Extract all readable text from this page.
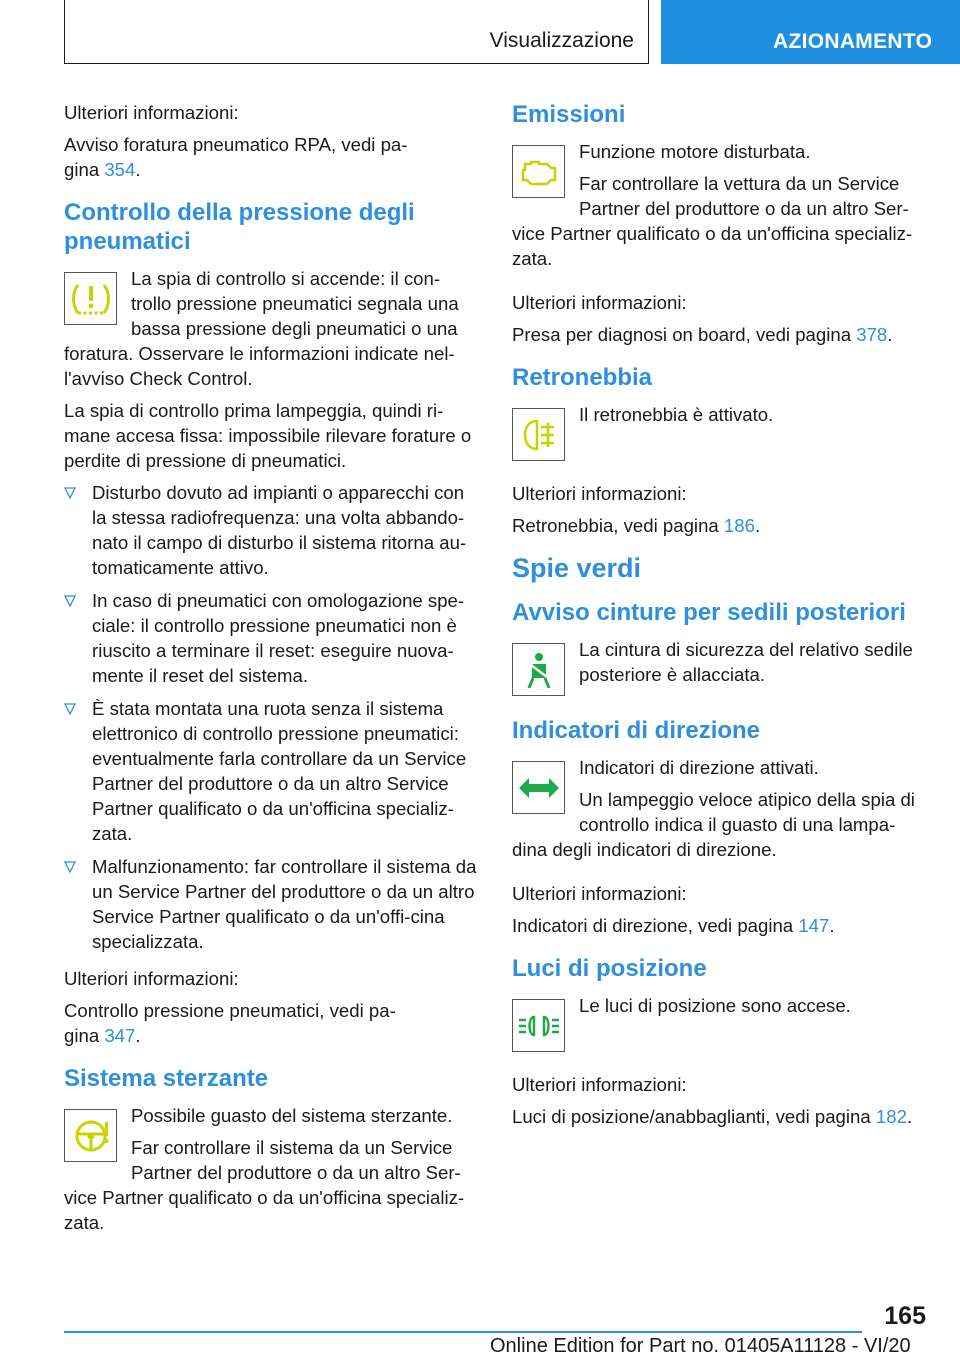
Visualizzazione	AZIONAMENTO

Ulteriori informazioni:

Avviso foratura pneumatico RPA, vedi pa-
gina 354.

Controllo della pressione degli pneumatici

La spia di controllo si accende: il con-trollo pressione pneumatici segnala una bassa pressione degli pneumatici o una foratura. Osservare le informazioni indicate nel-l'avviso Check Control.

La spia di controllo prima lampeggia, quindi ri-mane accesa fissa: impossibile rilevare forature o perdite di pressione di pneumatici.

Disturbo dovuto ad impianti o apparecchi con la stessa radiofrequenza: una volta abbando-nato il campo di disturbo il sistema ritorna au-tomaticamente attivo.
In caso di pneumatici con omologazione spe-ciale: il controllo pressione pneumatici non è riuscito a terminare il reset: eseguire nuova-mente il reset del sistema.
È stata montata una ruota senza il sistema elettronico di controllo pressione pneumatici: eventualmente farla controllare da un Service Partner del produttore o da un altro Service Partner qualificato o da un'officina specializ-zata.
Malfunzionamento: far controllare il sistema da un Service Partner del produttore o da un altro Service Partner qualificato o da un'offi-cina specializzata.

Ulteriori informazioni:

Controllo pressione pneumatici, vedi pa-
gina 347.

Sistema sterzante

Possibile guasto del sistema sterzante.

Far controllare il sistema da un Service Partner del produttore o da un altro Ser-vice Partner qualificato o da un'officina specializ-zata.

Emissioni

Funzione motore disturbata.

Far controllare la vettura da un Service Partner del produttore o da un altro Ser-vice Partner qualificato o da un'officina specializ-zata.

Ulteriori informazioni:

Presa per diagnosi on board, vedi pagina 378.

Retronebbia

Il retronebbia è attivato.

Ulteriori informazioni:

Retronebbia, vedi pagina 186.

Spie verdi
Avviso cinture per sedili posteriori

La cintura di sicurezza del relativo sedile posteriore è allacciata.

Indicatori di direzione

Indicatori di direzione attivati.

Un lampeggio veloce atipico della spia di controllo indica il guasto di una lampa-dina degli indicatori di direzione.

Ulteriori informazioni:

Indicatori di direzione, vedi pagina 147.

Luci di posizione

Le luci di posizione sono accese.

Ulteriori informazioni:

Luci di posizione/anabbaglianti, vedi pagina 182.

165
Online Edition for Part no. 01405A11128 - VI/20
